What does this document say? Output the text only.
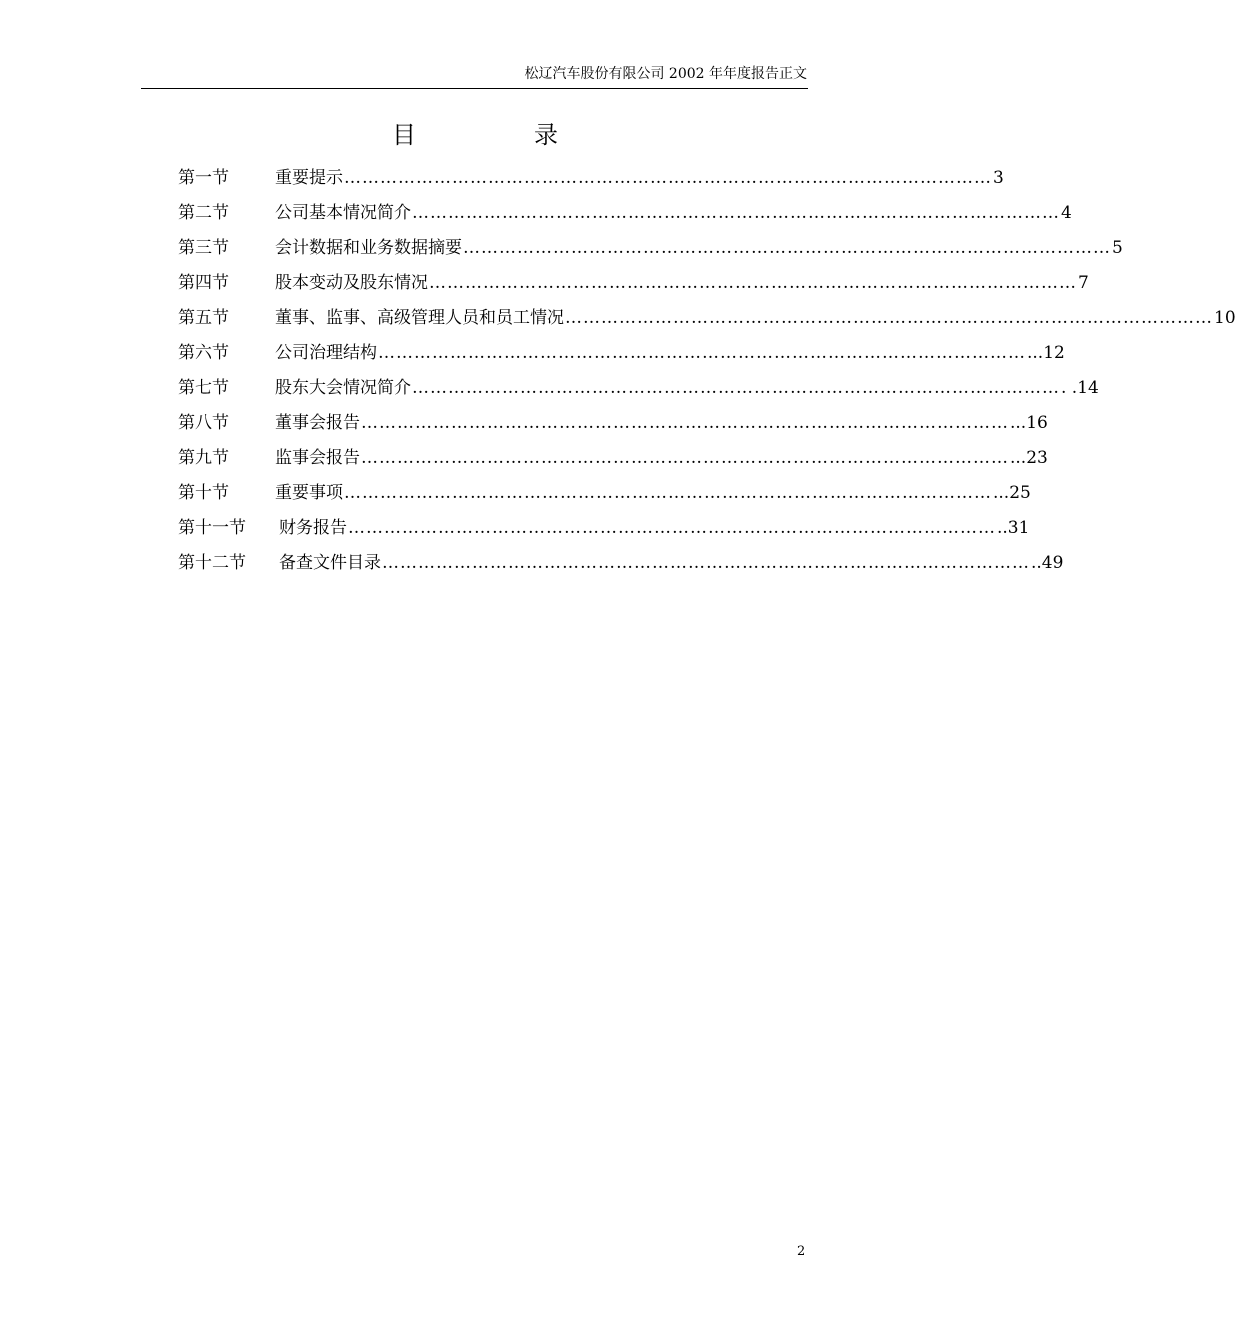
松辽汽车股份有限公司 2002 年年度报告正文
目	录
第一节	重要提示 ……………………………………………………………………………………………… 3
第二节	公司基本情况简介 ……………………………………………………………………………………………… 4
第三节	会计数据和业务数据摘要 ……………………………………………………………………………………………… 5
第四节	股本变动及股东情况 ……………………………………………………………………………………………… 7
第五节	董事、监事、高级管理人员和员工情况 ……………………………………………………………………………………………… 10
第六节	公司治理结构 ……………………………………………………………………………………………… ...12
第七节	股东大会情况简介 ……………………………………………………………………………………………… . .14
第八节	董事会报告 ……………………………………………………………………………………………… ...16
第九节	监事会报告 ……………………………………………………………………………………………… ...23
第十节	重要事项 ……………………………………………………………………………………………… ...25
第十一节	财务报告 ……………………………………………………………………………………………… ..31
第十二节	备查文件目录 ……………………………………………………………………………………………… ..49
2
